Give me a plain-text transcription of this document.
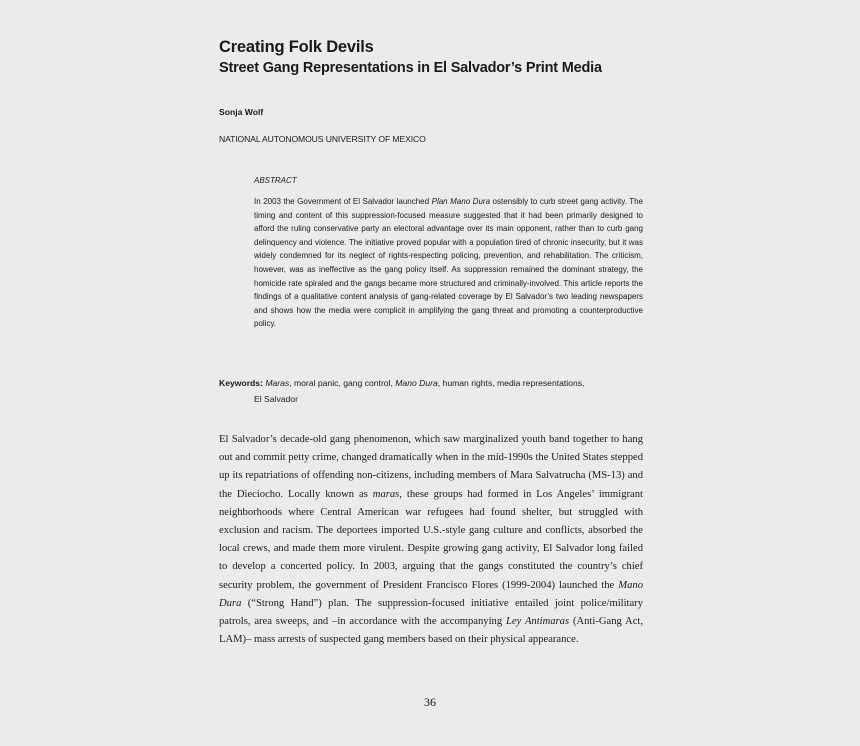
Creating Folk Devils
Street Gang Representations in El Salvador’s Print Media

Sonja Wolf

NATIONAL AUTONOMOUS UNIVERSITY OF MEXICO

ABSTRACT

In 2003 the Government of El Salvador launched Plan Mano Dura ostensibly to curb street gang activity. The timing and content of this suppression-focused measure suggested that it had been primarily designed to afford the ruling conservative party an electoral advantage over its main opponent, rather than to curb gang delinquency and violence. The initiative proved popular with a population tired of chronic insecurity, but it was widely condemned for its neglect of rights-respecting policing, prevention, and rehabilitation. The criticism, however, was as ineffective as the gang policy itself. As suppression remained the dominant strategy, the homicide rate spiraled and the gangs became more structured and criminally-involved. This article reports the findings of a qualitative content analysis of gang-related coverage by El Salvador’s two leading newspapers and shows how the media were complicit in amplifying the gang threat and promoting a counterproductive policy.

Keywords: Maras, moral panic, gang control, Mano Dura, human rights, media representations,
El Salvador

El Salvador’s decade-old gang phenomenon, which saw marginalized youth band together to hang out and commit petty crime, changed dramatically when in the mid-1990s the United States stepped up its repatriations of offending non-citizens, including members of Mara Salvatrucha (MS-13) and the Dieciocho. Locally known as maras, these groups had formed in Los Angeles’ immigrant neighborhoods where Central American war refugees had found shelter, but struggled with exclusion and racism. The deportees imported U.S.-style gang culture and conflicts, absorbed the local crews, and made them more virulent. Despite growing gang activity, El Salvador long failed to develop a concerted policy. In 2003, arguing that the gangs constituted the country’s chief security problem, the government of President Francisco Flores (1999-2004) launched the Mano Dura (“Strong Hand”) plan. The suppression-focused initiative entailed joint police/military patrols, area sweeps, and –in accordance with the accompanying Ley Antimaras (Anti-Gang Act, LAM)– mass arrests of suspected gang members based on their physical appearance.

36
